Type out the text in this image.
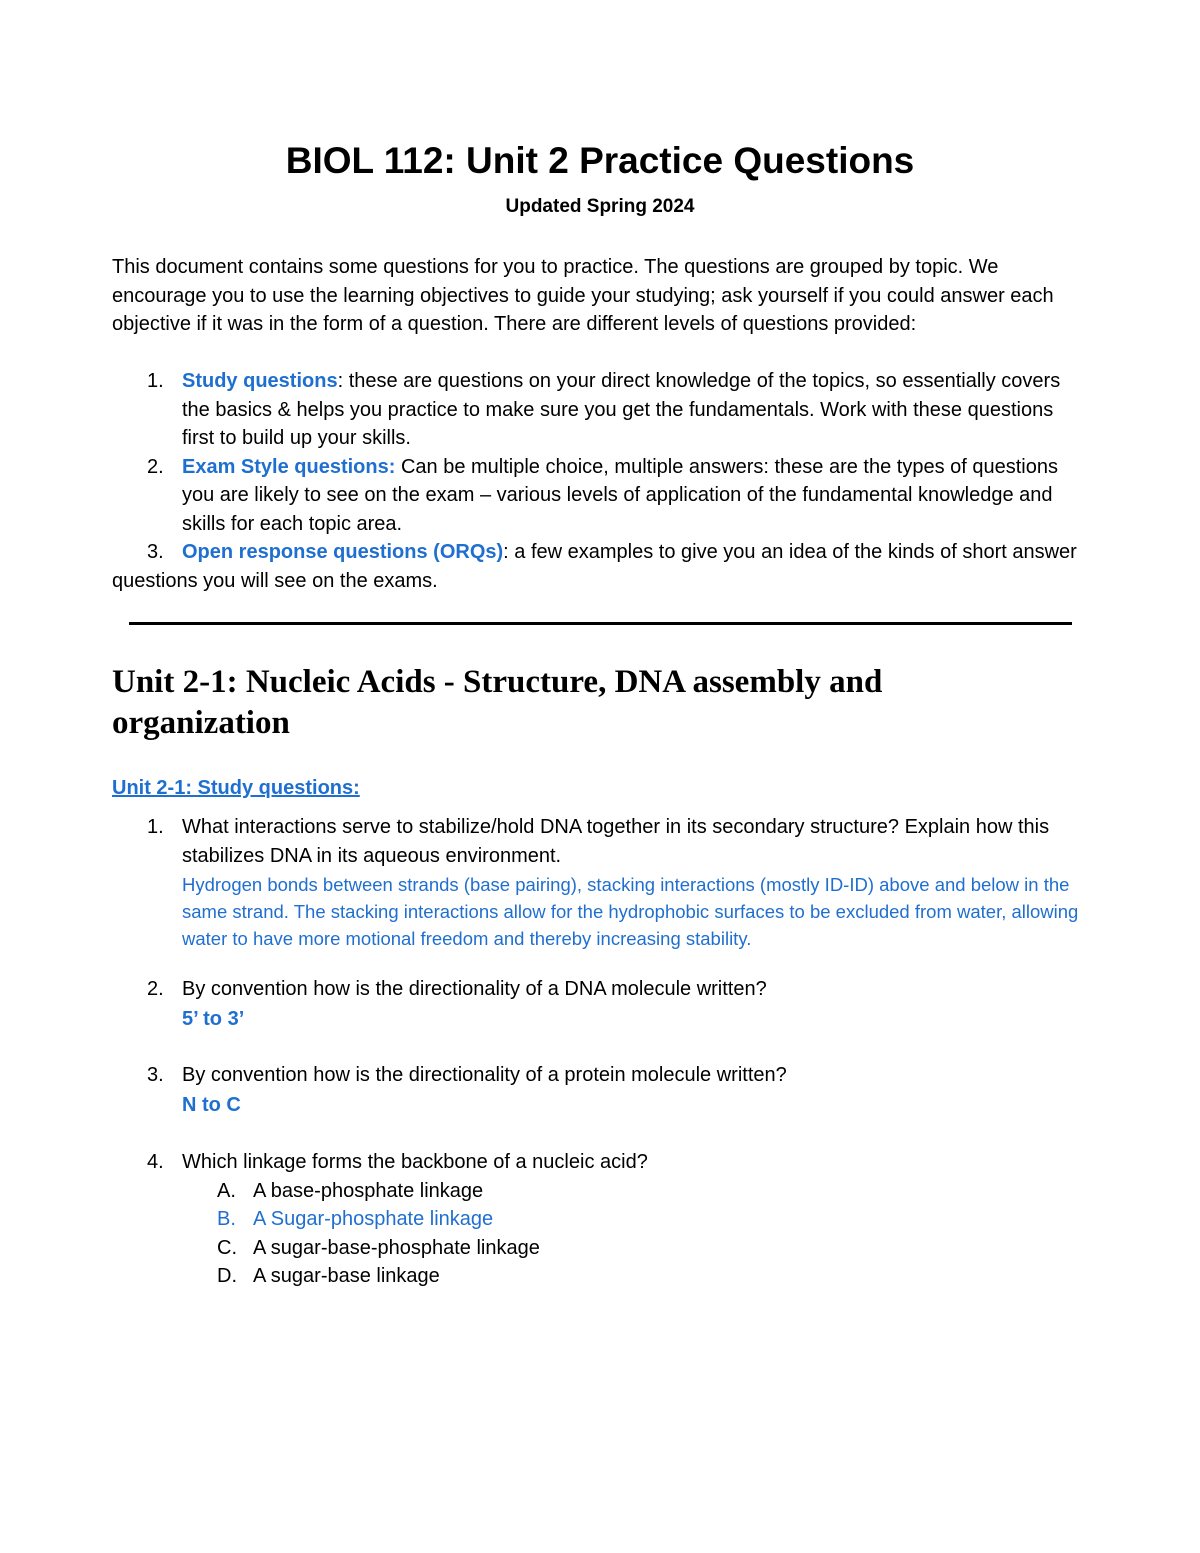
BIOL 112: Unit 2 Practice Questions
Updated Spring 2024

This document contains some questions for you to practice. The questions are grouped by topic. We encourage you to use the learning objectives to guide your studying; ask yourself if you could answer each objective if it was in the form of a question. There are different levels of questions provided:

1. Study questions: these are questions on your direct knowledge of the topics, so essentially covers the basics & helps you practice to make sure you get the fundamentals. Work with these questions first to build up your skills.
2. Exam Style questions: Can be multiple choice, multiple answers: these are the types of questions you are likely to see on the exam – various levels of application of the fundamental knowledge and skills for each topic area.
3. Open response questions (ORQs): a few examples to give you an idea of the kinds of short answer questions you will see on the exams.
Unit 2-1: Nucleic Acids - Structure, DNA assembly and organization
Unit 2-1: Study questions:
1. What interactions serve to stabilize/hold DNA together in its secondary structure? Explain how this stabilizes DNA in its aqueous environment.
Hydrogen bonds between strands (base pairing), stacking interactions (mostly ID-ID) above and below in the same strand. The stacking interactions allow for the hydrophobic surfaces to be excluded from water, allowing water to have more motional freedom and thereby increasing stability.
2. By convention how is the directionality of a DNA molecule written?
5’ to 3’
3. By convention how is the directionality of a protein molecule written?
N to C
4. Which linkage forms the backbone of a nucleic acid?
A. A base-phosphate linkage
B. A Sugar-phosphate linkage
C. A sugar-base-phosphate linkage
D. A sugar-base linkage
